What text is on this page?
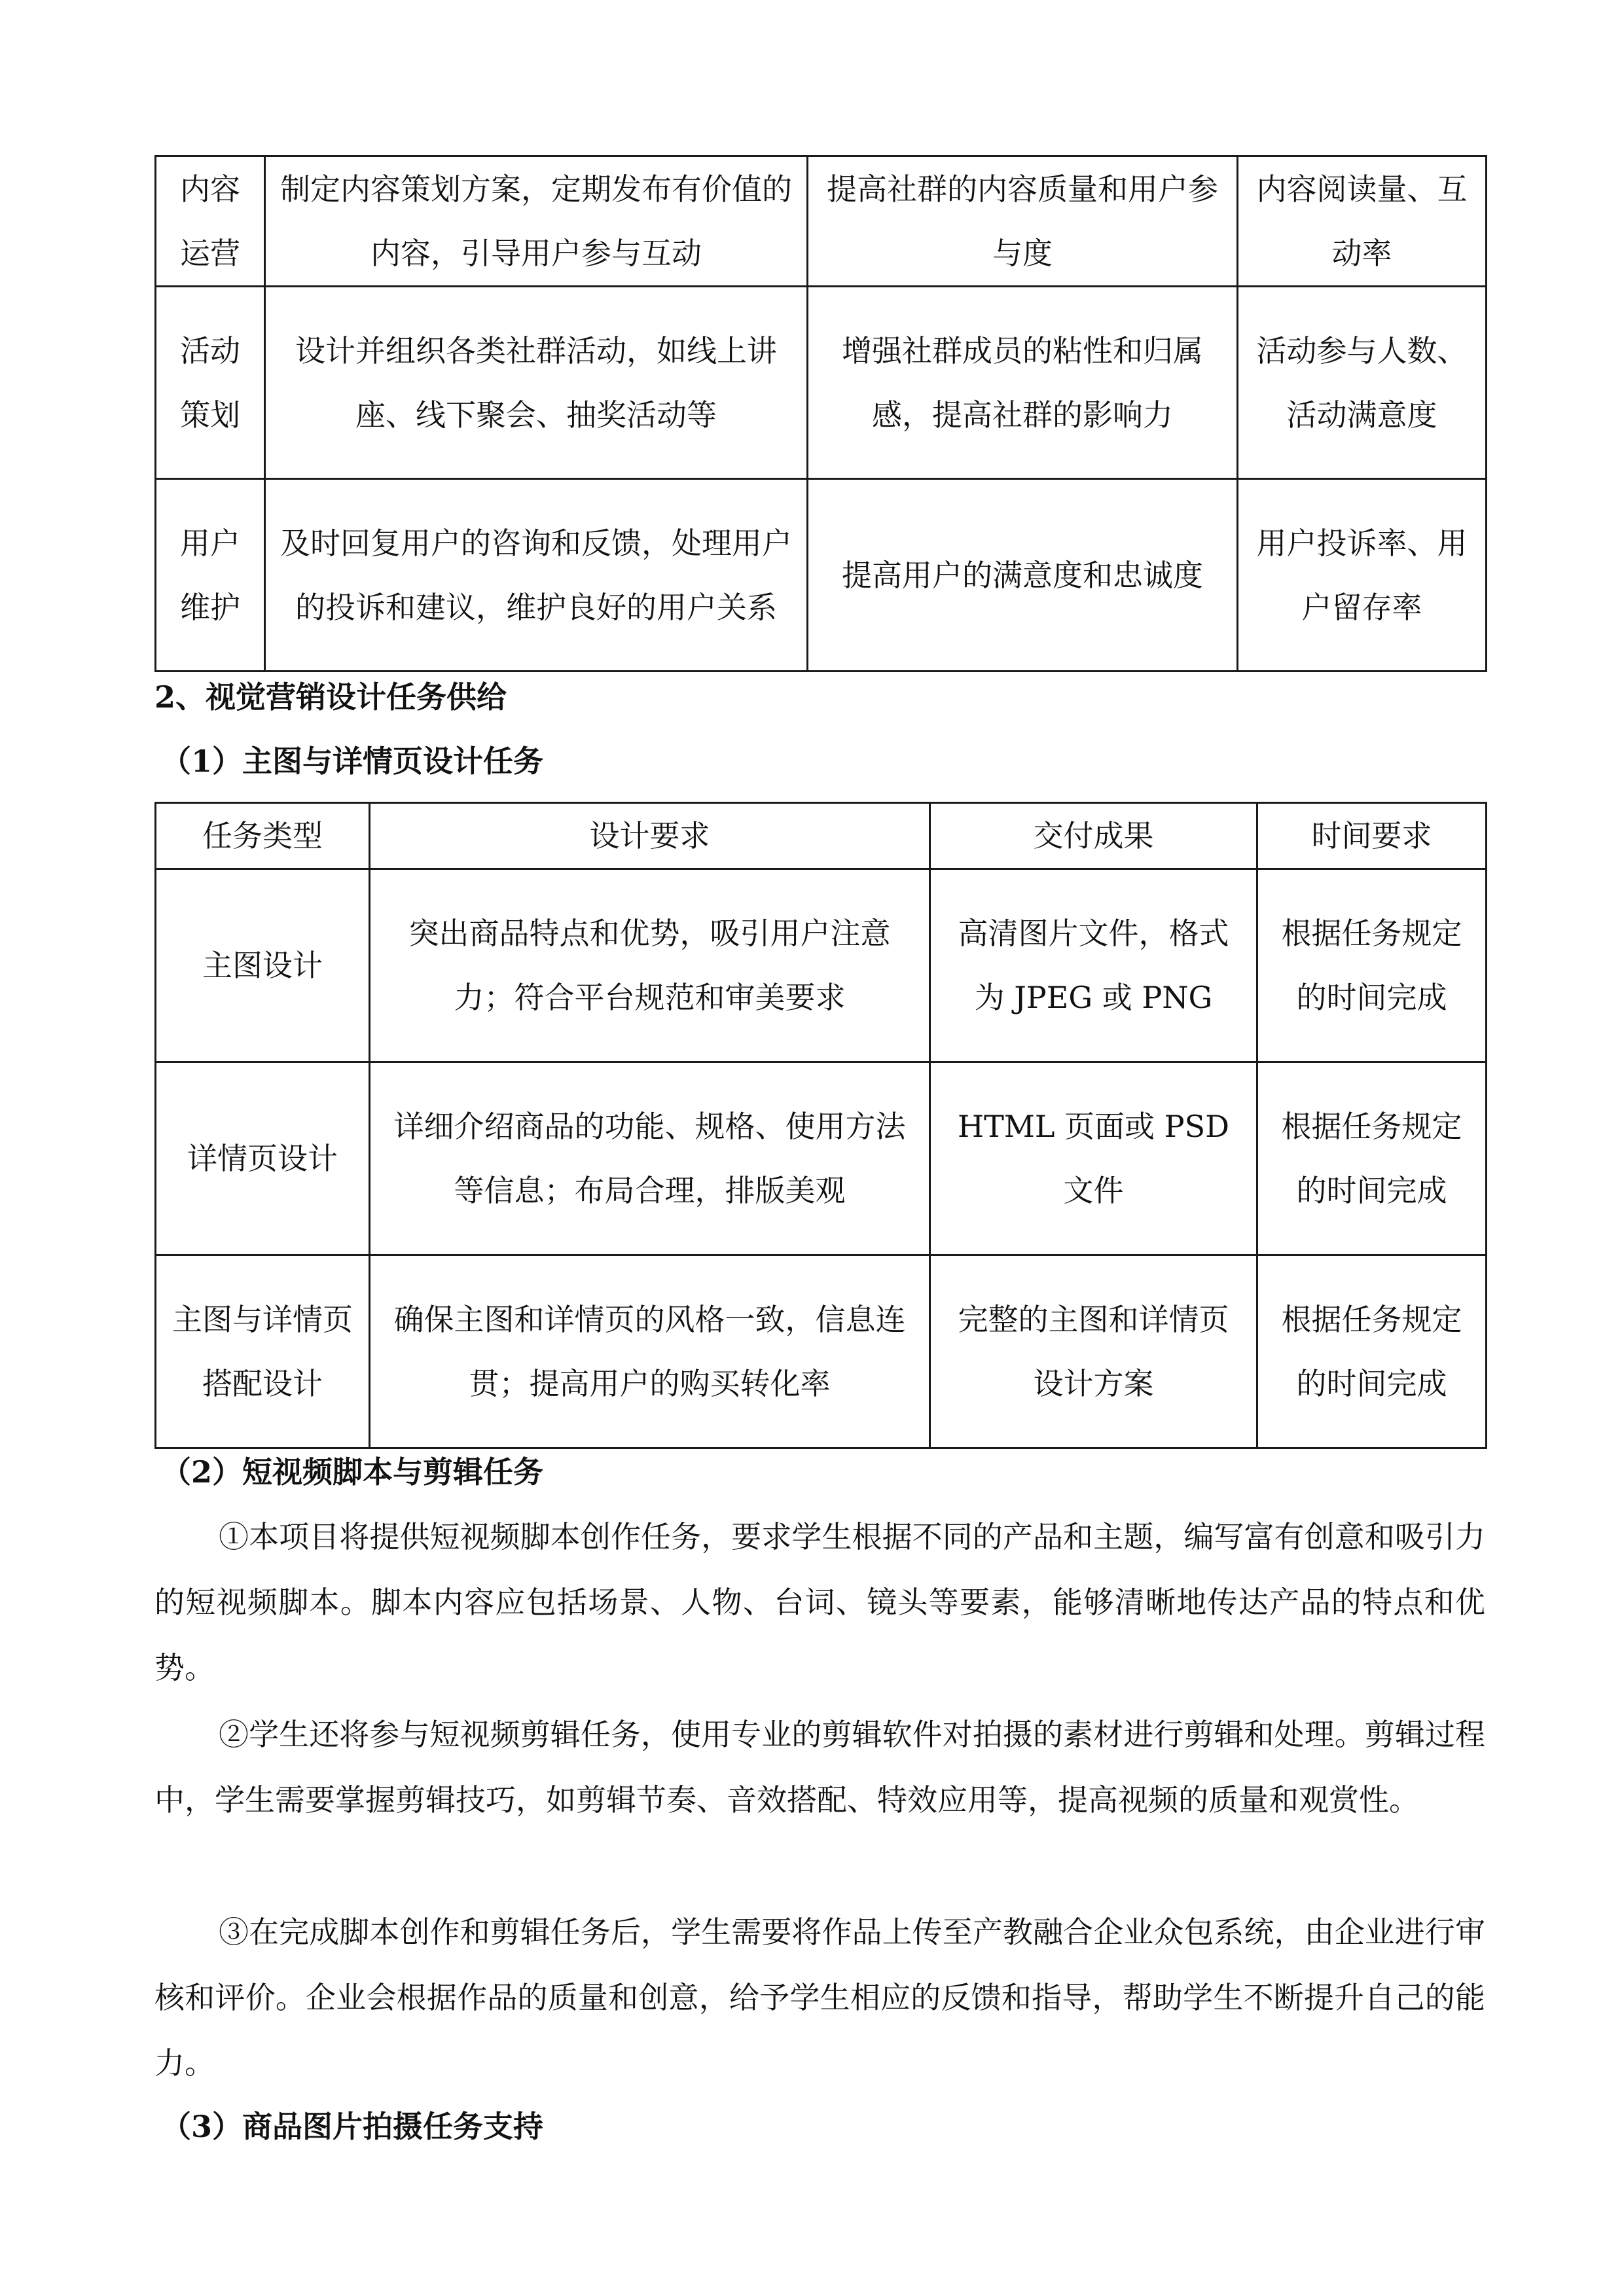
内容运营	制定内容策划方案，定期发布有价值的内容，引导用户参与互动	提高社群的内容质量和用户参与度	内容阅读量、互动率
活动策划	设计并组织各类社群活动，如线上讲座、线下聚会、抽奖活动等	增强社群成员的粘性和归属感，提高社群的影响力	活动参与人数、活动满意度
用户维护	及时回复用户的咨询和反馈，处理用户的投诉和建议，维护良好的用户关系	提高用户的满意度和忠诚度	用户投诉率、用户留存率
2、视觉营销设计任务供给
（1）主图与详情页设计任务
任务类型	设计要求	交付成果	时间要求
主图设计	突出商品特点和优势，吸引用户注意力；符合平台规范和审美要求	高清图片文件，格式为 JPEG 或 PNG	根据任务规定的时间完成
详情页设计	详细介绍商品的功能、规格、使用方法等信息；布局合理，排版美观	HTML 页面或 PSD 文件	根据任务规定的时间完成
主图与详情页搭配设计	确保主图和详情页的风格一致，信息连贯；提高用户的购买转化率	完整的主图和详情页设计方案	根据任务规定的时间完成
（2）短视频脚本与剪辑任务
①本项目将提供短视频脚本创作任务，要求学生根据不同的产品和主题，编写富有创意和吸引力的短视频脚本。脚本内容应包括场景、人物、台词、镜头等要素，能够清晰地传达产品的特点和优势。
②学生还将参与短视频剪辑任务，使用专业的剪辑软件对拍摄的素材进行剪辑和处理。剪辑过程中，学生需要掌握剪辑技巧，如剪辑节奏、音效搭配、特效应用等，提高视频的质量和观赏性。
③在完成脚本创作和剪辑任务后，学生需要将作品上传至产教融合企业众包系统，由企业进行审核和评价。企业会根据作品的质量和创意，给予学生相应的反馈和指导，帮助学生不断提升自己的能力。
（3）商品图片拍摄任务支持
